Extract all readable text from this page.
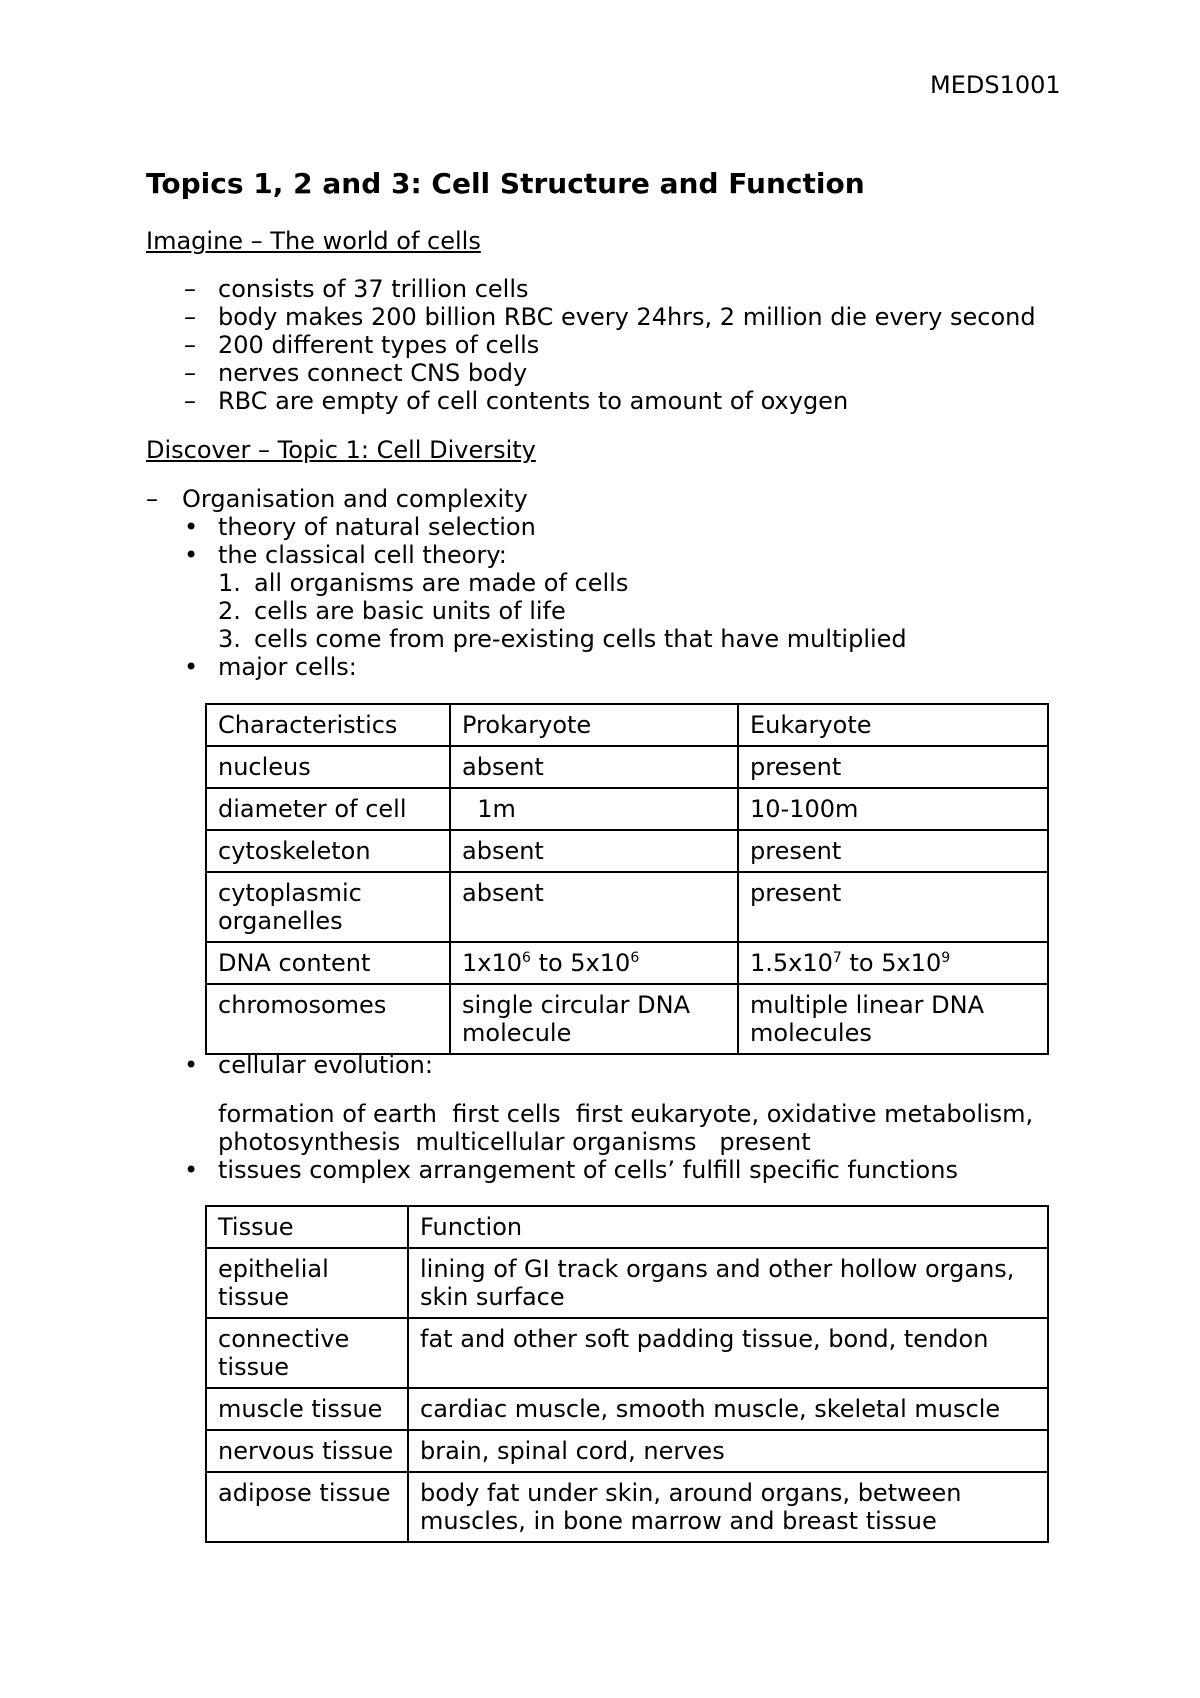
MEDS1001
Topics 1, 2 and 3: Cell Structure and Function
Imagine – The world of cells
– consists of 37 trillion cells
– body makes 200 billion RBC every 24hrs, 2 million die every second
– 200 different types of cells
– nerves connect CNS body
– RBC are empty of cell contents to amount of oxygen
Discover – Topic 1: Cell Diversity
– Organisation and complexity
• theory of natural selection
• the classical cell theory:
1. all organisms are made of cells
2. cells are basic units of life
3. cells come from pre-existing cells that have multiplied
• major cells:
Characteristics	Prokaryote	Eukaryote
nucleus	absent	present
diameter of cell	1m	10-100m
cytoskeleton	absent	present
cytoplasmic organelles	absent	present
DNA content	$1x10^6$ to $5x10^6$	$1.5x10^7$ to $5x10^9$
chromosomes	single circular DNA molecule	multiple linear DNA molecules
• cellular evolution:
formation of earth  first cells  first eukaryote, oxidative metabolism,
photosynthesis  multicellular organisms   present
• tissues complex arrangement of cells’ fulfill specific functions
Tissue	Function
epithelial tissue	lining of GI track organs and other hollow organs, skin surface
connective tissue	fat and other soft padding tissue, bond, tendon
muscle tissue	cardiac muscle, smooth muscle, skeletal muscle
nervous tissue	brain, spinal cord, nerves
adipose tissue	body fat under skin, around organs, between muscles, in bone marrow and breast tissue
